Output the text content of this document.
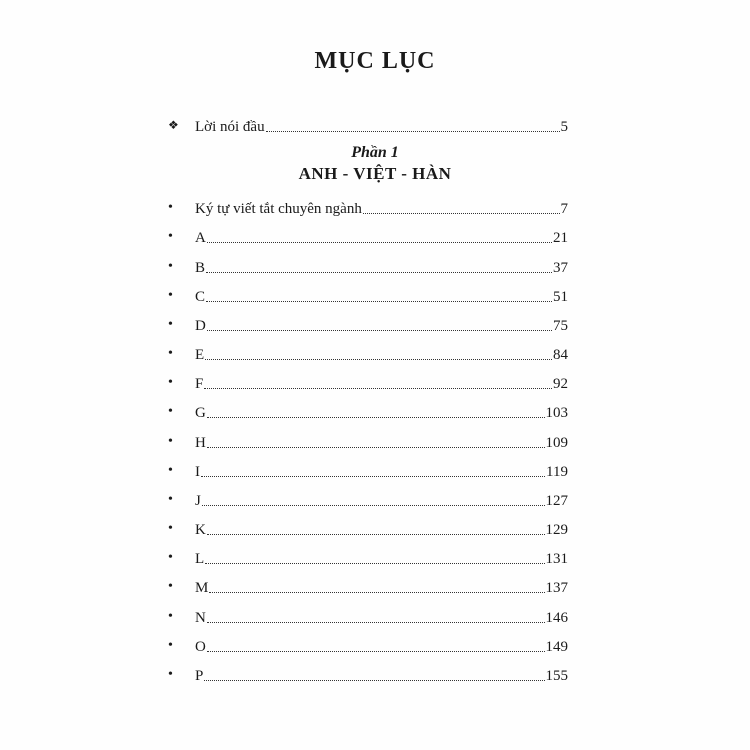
MỤC LỤC
❖	Lời nói đầu	5
Phần 1
ANH - VIỆT - HÀN
•	Ký tự viết tắt chuyên ngành	7
•	A	21
•	B	37
•	C	51
•	D	75
•	E	84
•	F	92
•	G	103
•	H	109
•	I	119
•	J	127
•	K	129
•	L	131
•	M	137
•	N	146
•	O	149
•	P	155
